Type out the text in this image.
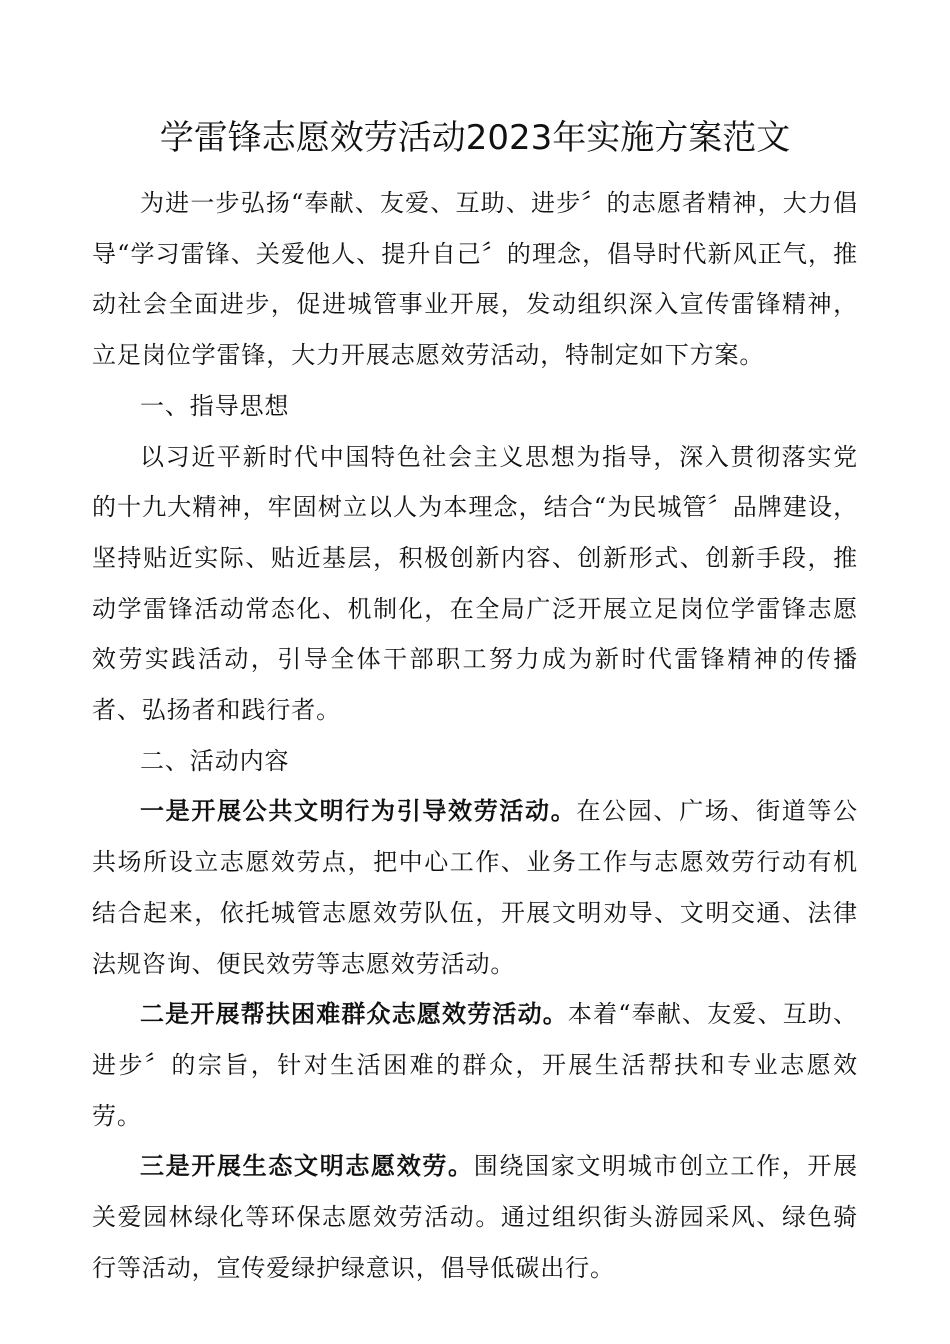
学雷锋志愿效劳活动2023年实施方案范文

为进一步弘扬“奉献、友爱、互助、进步〞的志愿者精神，大力倡导“学习雷锋、关爱他人、提升自己〞的理念，倡导时代新风正气，推动社会全面进步，促进城管事业开展，发动组织深入宣传雷锋精神，立足岗位学雷锋，大力开展志愿效劳活动，特制定如下方案。

一、指导思想

以习近平新时代中国特色社会主义思想为指导，深入贯彻落实党的十九大精神，牢固树立以人为本理念，结合“为民城管〞品牌建设，坚持贴近实际、贴近基层，积极创新内容、创新形式、创新手段，推动学雷锋活动常态化、机制化，在全局广泛开展立足岗位学雷锋志愿效劳实践活动，引导全体干部职工努力成为新时代雷锋精神的传播者、弘扬者和践行者。

二、活动内容

一是开展公共文明行为引导效劳活动。在公园、广场、街道等公共场所设立志愿效劳点，把中心工作、业务工作与志愿效劳行动有机结合起来，依托城管志愿效劳队伍，开展文明劝导、文明交通、法律法规咨询、便民效劳等志愿效劳活动。

二是开展帮扶困难群众志愿效劳活动。本着“奉献、友爱、互助、进步〞的宗旨，针对生活困难的群众，开展生活帮扶和专业志愿效劳。

三是开展生态文明志愿效劳。围绕国家文明城市创立工作，开展关爱园林绿化等环保志愿效劳活动。通过组织街头游园采风、绿色骑行等活动，宣传爱绿护绿意识，倡导低碳出行。
